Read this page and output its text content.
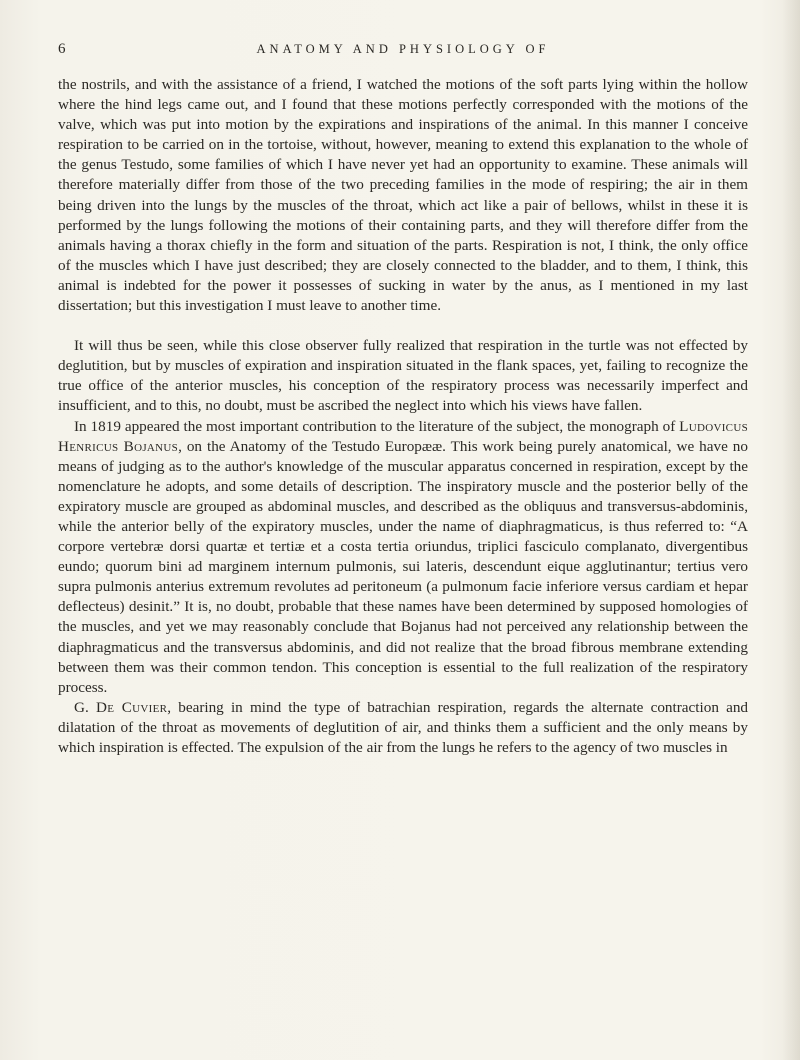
6	ANATOMY AND PHYSIOLOGY OF

the nostrils, and with the assistance of a friend, I watched the motions of the soft parts lying within the hollow where the hind legs came out, and I found that these motions perfectly corresponded with the motions of the valve, which was put into motion by the expirations and inspirations of the animal. In this manner I conceive respiration to be carried on in the tortoise, without, however, meaning to extend this explanation to the whole of the genus Testudo, some families of which I have never yet had an opportunity to examine. These animals will therefore materially differ from those of the two preceding families in the mode of respiring; the air in them being driven into the lungs by the muscles of the throat, which act like a pair of bellows, whilst in these it is performed by the lungs following the motions of their containing parts, and they will therefore differ from the animals having a thorax chiefly in the form and situation of the parts. Respiration is not, I think, the only office of the muscles which I have just described; they are closely connected to the bladder, and to them, I think, this animal is indebted for the power it possesses of sucking in water by the anus, as I mentioned in my last dissertation; but this investigation I must leave to another time.

It will thus be seen, while this close observer fully realized that respiration in the turtle was not effected by deglutition, but by muscles of expiration and inspiration situated in the flank spaces, yet, failing to recognize the true office of the anterior muscles, his conception of the respiratory process was necessarily imperfect and insufficient, and to this, no doubt, must be ascribed the neglect into which his views have fallen.

In 1819 appeared the most important contribution to the literature of the subject, the monograph of Ludovicus Henricus Bojanus, on the Anatomy of the Testudo Europææ. This work being purely anatomical, we have no means of judging as to the author's knowledge of the muscular apparatus concerned in respiration, except by the nomenclature he adopts, and some details of description. The inspiratory muscle and the posterior belly of the expiratory muscle are grouped as abdominal muscles, and described as the obliquus and transversus-abdominis, while the anterior belly of the expiratory muscles, under the name of diaphragmaticus, is thus referred to: “A corpore vertebræ dorsi quartæ et tertiæ et a costa tertia oriundus, triplici fasciculo complanato, divergentibus eundo; quorum bini ad marginem internum pulmonis, sui lateris, descendunt eique agglutinantur; tertius vero supra pulmonis anterius extremum revolutes ad peritoneum (a pulmonum facie inferiore versus cardiam et hepar deflecteus) desinit.” It is, no doubt, probable that these names have been determined by supposed homologies of the muscles, and yet we may reasonably conclude that Bojanus had not perceived any relationship between the diaphragmaticus and the transversus abdominis, and did not realize that the broad fibrous membrane extending between them was their common tendon. This conception is essential to the full realization of the respiratory process.

G. De Cuvier, bearing in mind the type of batrachian respiration, regards the alternate contraction and dilatation of the throat as movements of deglutition of air, and thinks them a sufficient and the only means by which inspiration is effected. The expulsion of the air from the lungs he refers to the agency of two muscles in
